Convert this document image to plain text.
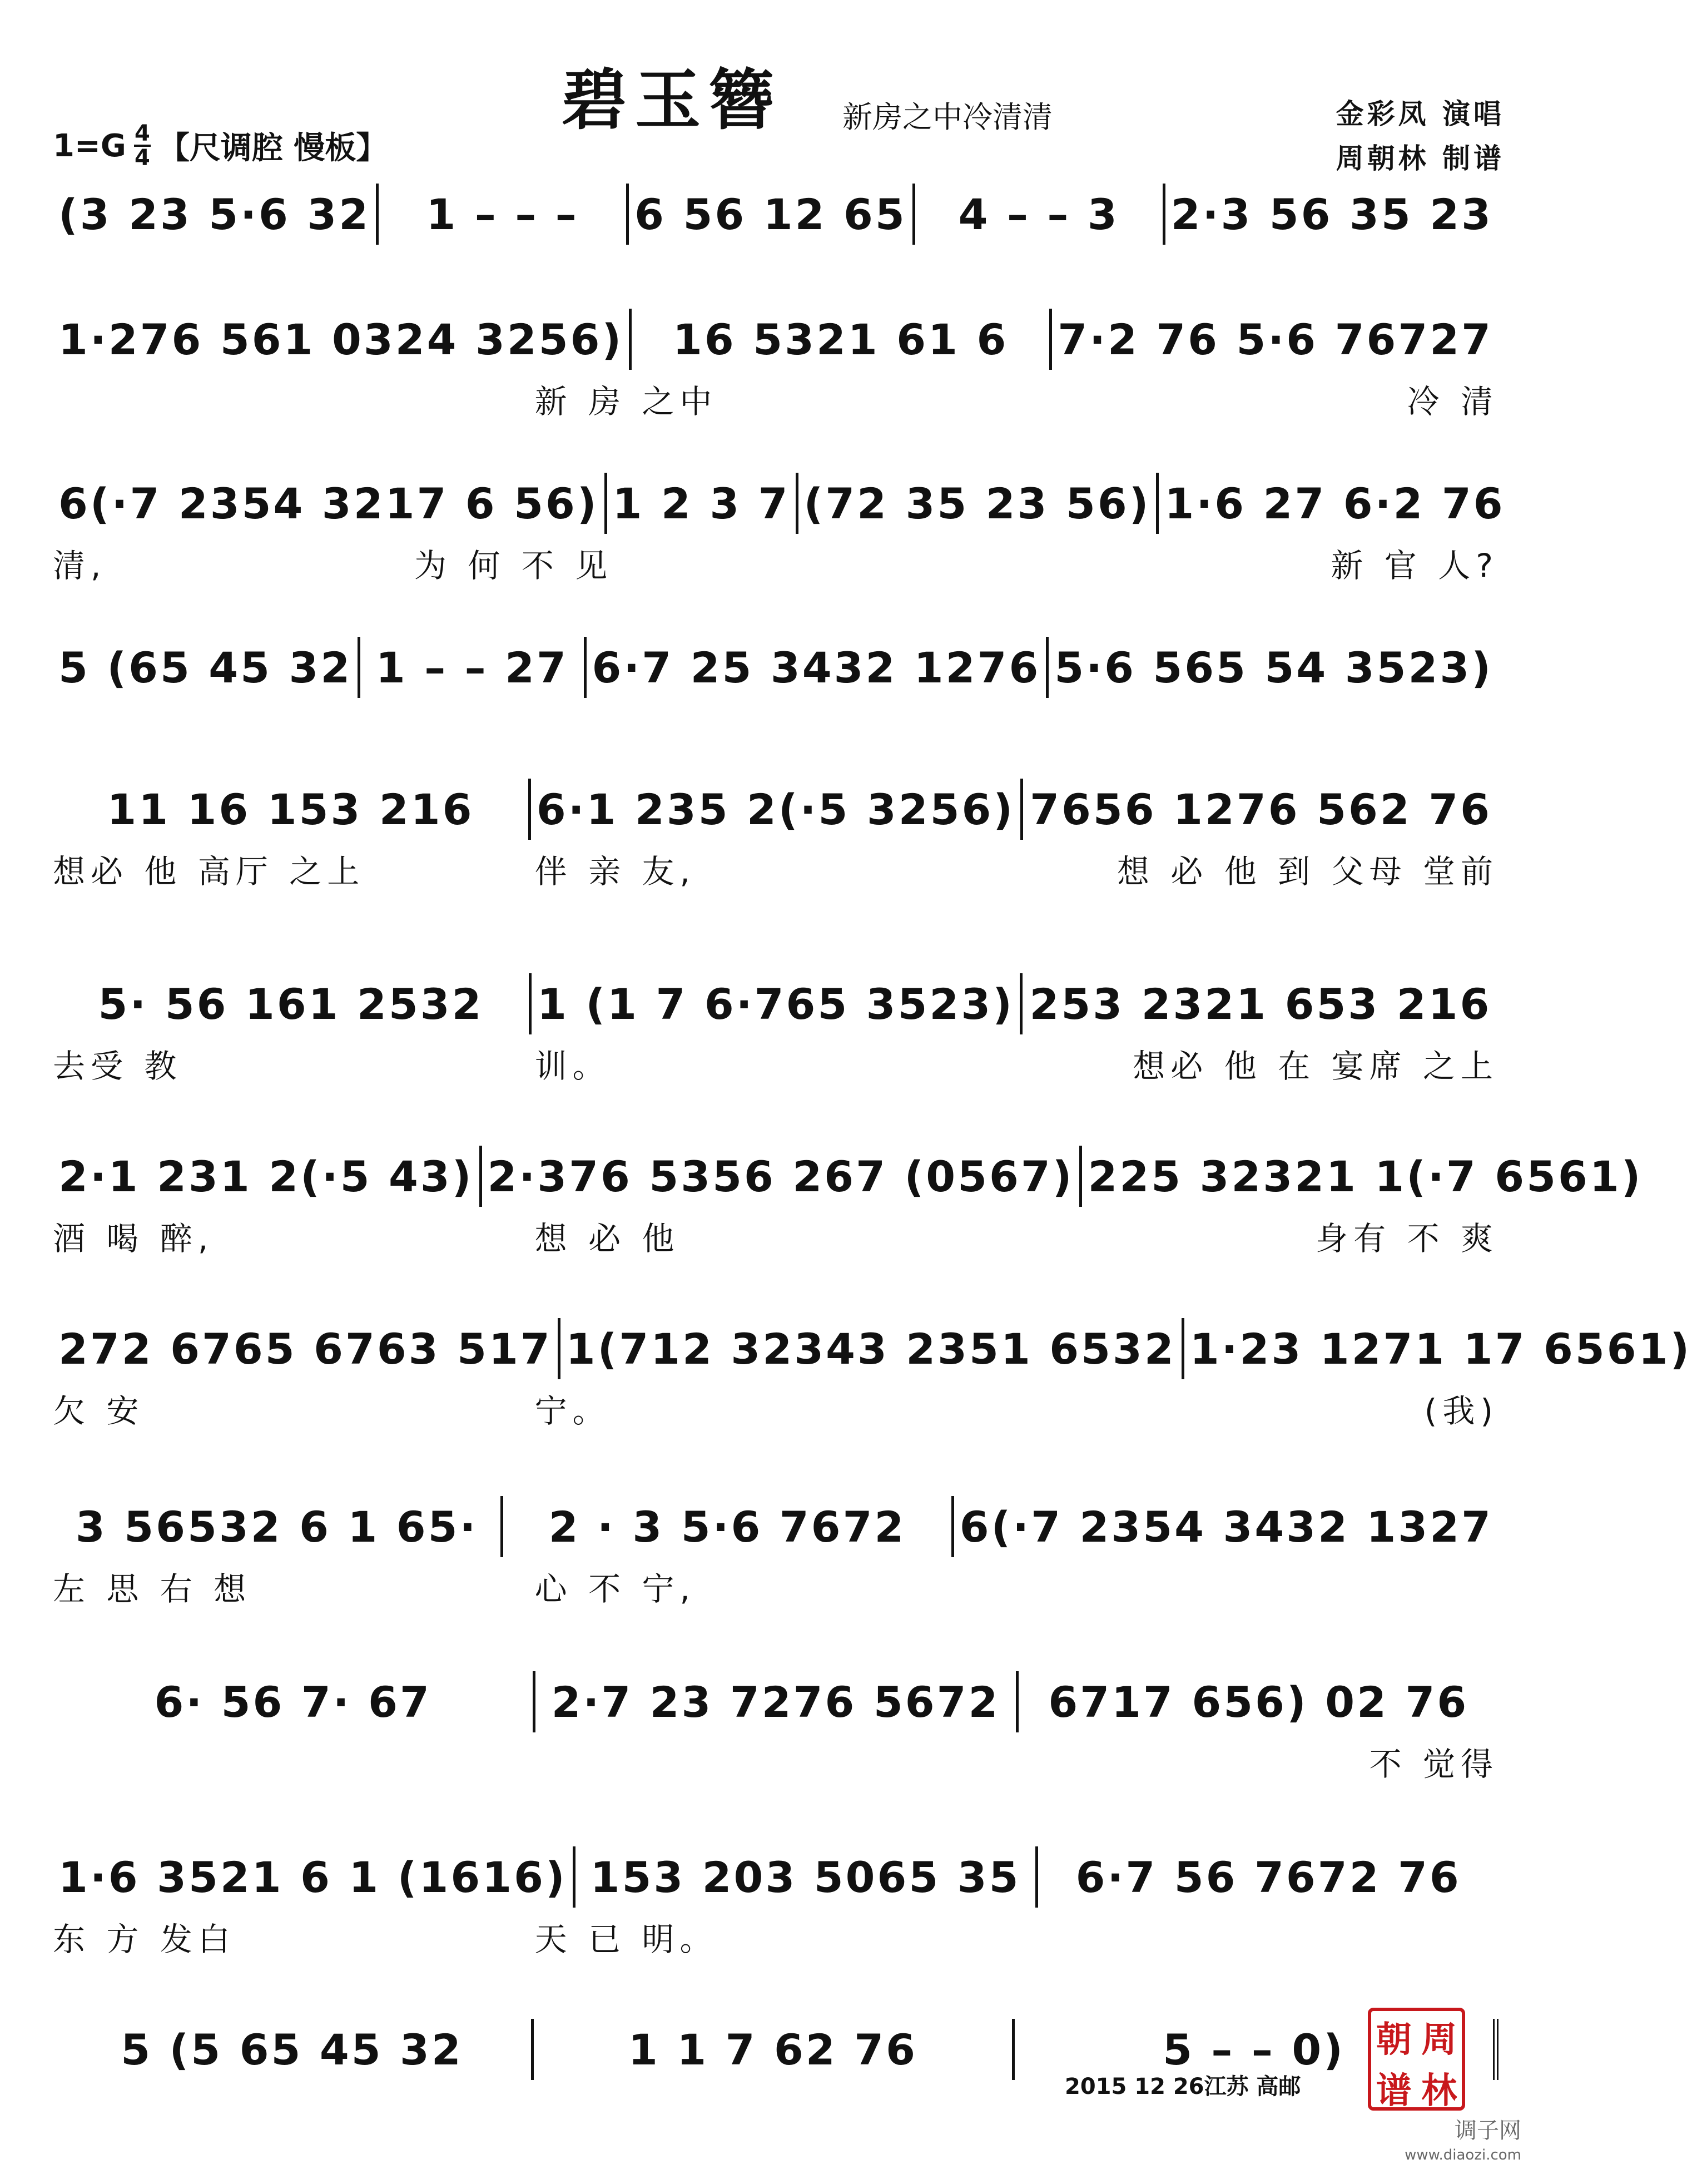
碧玉簪 新房之中冷清清	金彩凤 演唱
周朝林 制谱
$1=G \frac{4}{4}$ 【尺调腔 慢板】
(3 23 5·6 32	1 – – –	6 56 12 65	4 – – 3	2·3 56 35 23
1·276 561 0324 3256)	16 5321 61 6	7·2 76 5·6 76727
新 房 之中	冷 清
6(·7 2354 3217 6 56) 1 2 3 7 (72 35 23 56) 1·6 27 6·2 76
清,	为 何 不 见	新 官 人?
5 (65 45 32 1 – – 27 6·7 25 3432 1276 5·6 565 54 3523)
11 16 153 216	6·1 235 2(·5 3256) 7656 1276 562 76
想必 他 高厅 之上	伴 亲 友,	想 必 他 到 父母 堂前
5· 56 161 2532	1 (1 7 6·765 3523) 253 2321 653 216
去受 教	训。	想必 他 在 宴席 之上
2·1 231 2(·5 43) 2·376 5356 267 (0567) 225 32321 1(·7 6561)
酒 喝 醉,	想 必 他	身有 不 爽
272 6765 6763 517 1(712 32343 2351 6532 1·23 1271 17 6561)
欠 安	宁。	(我)
3 56532 6 1 65·	2 · 3 5·6 7672	6(·7 2354 3432 1327
左 思 右 想	心 不 宁,
6· 56 7· 67	2·7 23 7276 5672	6717 656) 02 76
不 觉得
1·6 3521 6 1 (1616) 153 203 5065 35	6·7 56 7672 76
东 方 发白	天 已 明。
5 (5 65 45 32	1 1 7 62 76	5 – – 0)
2015 12 26江苏 高邮
朝 周
谱 林
调子网
www.diaozi.com
